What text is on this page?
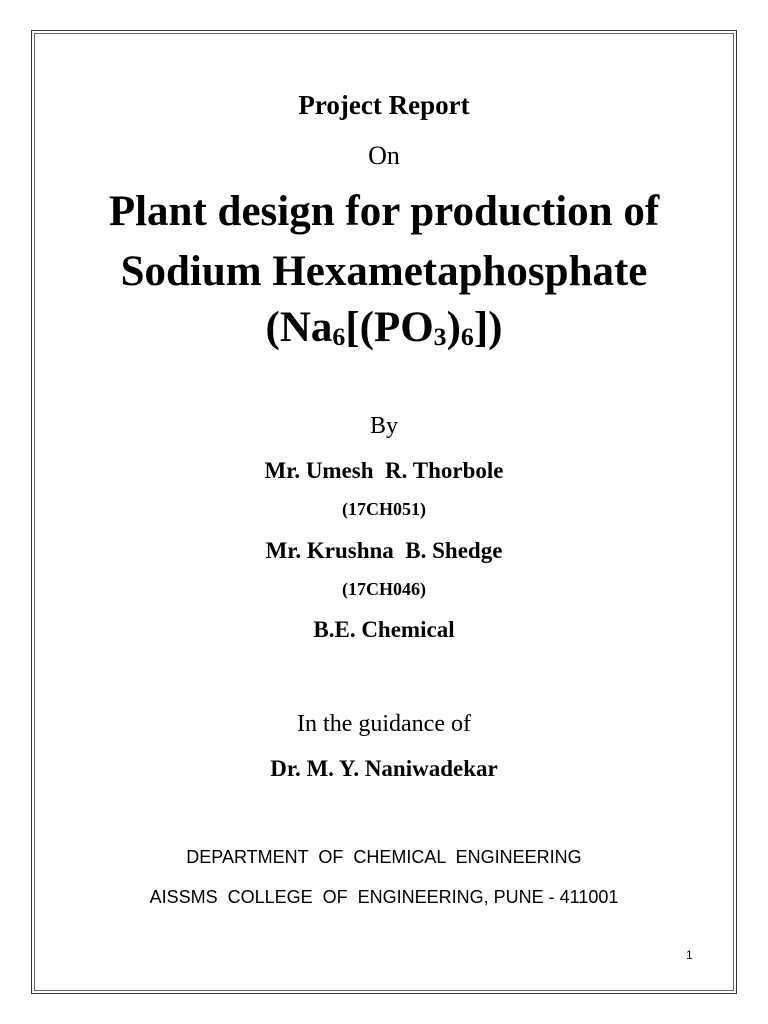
Project Report
On
Plant design for production of
Sodium Hexametaphosphate
$(Na_6[(PO_3)_6])$
By
Mr. Umesh  R. Thorbole
(17CH051)
Mr. Krushna  B. Shedge
(17CH046)
B.E. Chemical
In the guidance of
Dr. M. Y. Naniwadekar
DEPARTMENT  OF  CHEMICAL  ENGINEERING
AISSMS  COLLEGE  OF  ENGINEERING, PUNE - 411001
1
